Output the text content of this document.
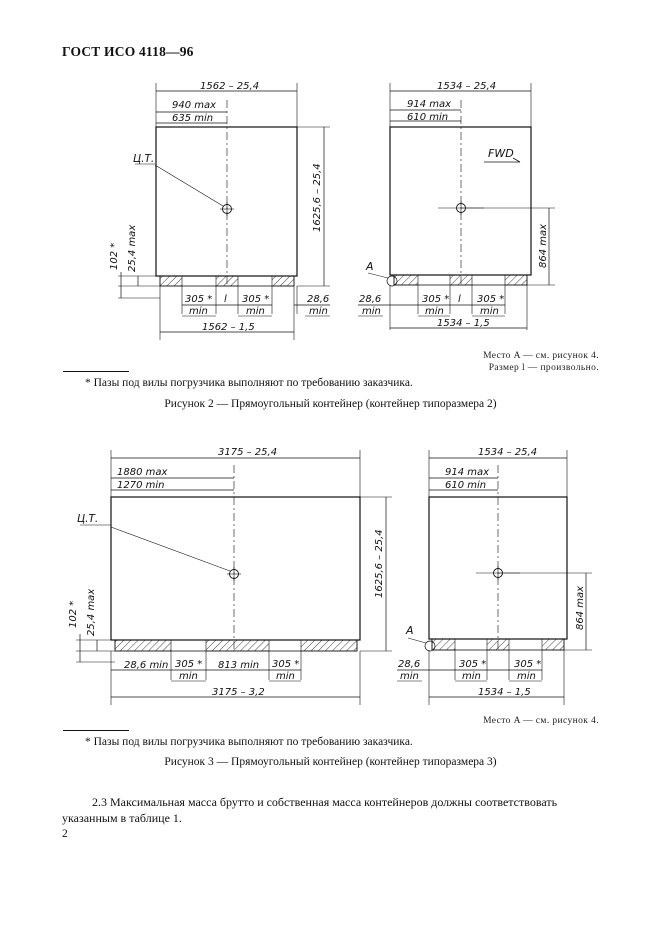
ГОСТ ИСО 4118—96
1562 – 25,4
940 max
635 min
Ц.Т.
1625,6 – 25,4
102 * 25,4 max
305 *
min
l 305 *
min
28,6
min
1562 – 1,5
1534 – 25,4
914 max
610 min
FWD
864 max
A
28,6
min
305 *
min
l 305 *
min
1534 – 1,5
3175 – 25,4
1880 max
1270 min
Ц.Т.
1625,6 – 25,4
102 * 25,4 max
28,6 min 305 *
min
813 min 305 *
min
3175 – 3,2
1534 – 25,4
914 max
610 min
864 max
A
28,6
min
305 *
min
305 *
min
1534 – 1,5
Место A — см. рисунок 4.
Размер l — произвольно.
* Пазы под вилы погрузчика выполняют по требованию заказчика.
Рисунок 2 — Прямоугольный контейнер (контейнер типоразмера 2)
Место A — см. рисунок 4.
* Пазы под вилы погрузчика выполняют по требованию заказчика.
Рисунок 3 — Прямоугольный контейнер (контейнер типоразмера 3)
2.3 Максимальная масса брутто и собственная масса контейнеров должны соответствовать указанным в таблице 1.
2
